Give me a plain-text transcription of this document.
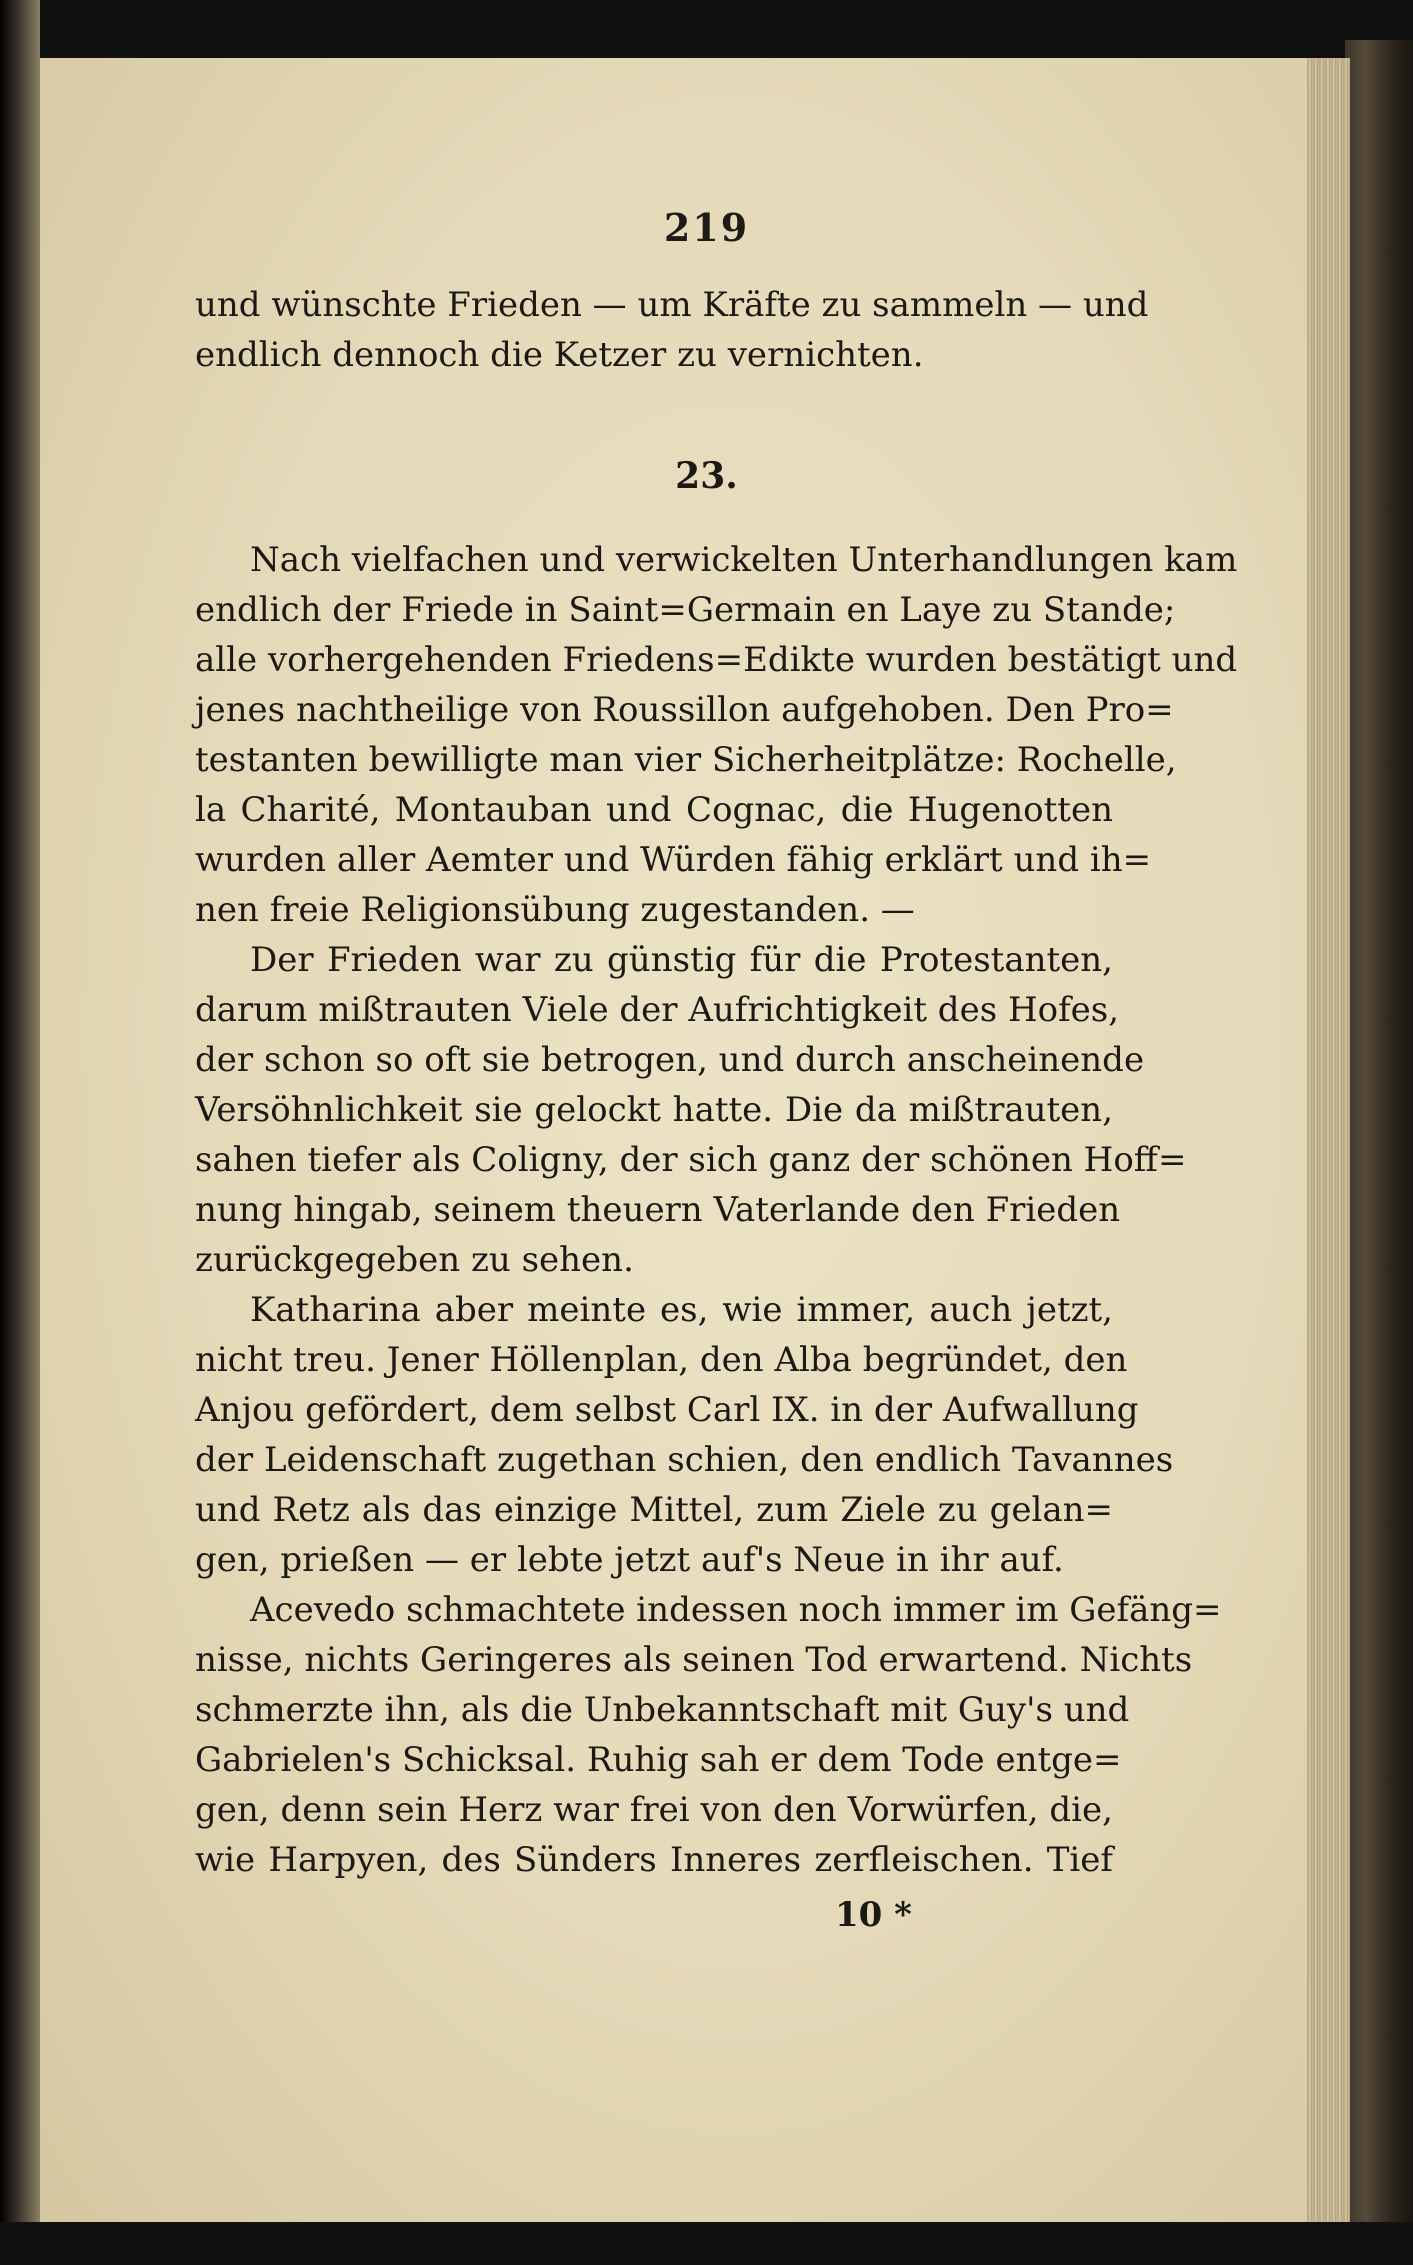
219
und wünschte Frieden — um Kräfte zu sammeln — und
endlich dennoch die Ketzer zu vernichten.
23.
Nach vielfachen und verwickelten Unterhandlungen kam
endlich der Friede in Saint=Germain en Laye zu Stande;
alle vorhergehenden Friedens=Edikte wurden bestätigt und
jenes nachtheilige von Roussillon aufgehoben. Den Pro=
testanten bewilligte man vier Sicherheitplätze: Rochelle,
la Charité, Montauban und Cognac, die Hugenotten
wurden aller Aemter und Würden fähig erklärt und ih=
nen freie Religionsübung zugestanden. —
Der Frieden war zu günstig für die Protestanten,
darum mißtrauten Viele der Aufrichtigkeit des Hofes,
der schon so oft sie betrogen, und durch anscheinende
Versöhnlichkeit sie gelockt hatte. Die da mißtrauten,
sahen tiefer als Coligny, der sich ganz der schönen Hoff=
nung hingab, seinem theuern Vaterlande den Frieden
zurückgegeben zu sehen.
Katharina aber meinte es, wie immer, auch jetzt,
nicht treu. Jener Höllenplan, den Alba begründet, den
Anjou gefördert, dem selbst Carl IX. in der Aufwallung
der Leidenschaft zugethan schien, den endlich Tavannes
und Retz als das einzige Mittel, zum Ziele zu gelan=
gen, prießen — er lebte jetzt auf's Neue in ihr auf.
Acevedo schmachtete indessen noch immer im Gefäng=
nisse, nichts Geringeres als seinen Tod erwartend. Nichts
schmerzte ihn, als die Unbekanntschaft mit Guy's und
Gabrielen's Schicksal. Ruhig sah er dem Tode entge=
gen, denn sein Herz war frei von den Vorwürfen, die,
wie Harpyen, des Sünders Inneres zerfleischen. Tief
10 *
